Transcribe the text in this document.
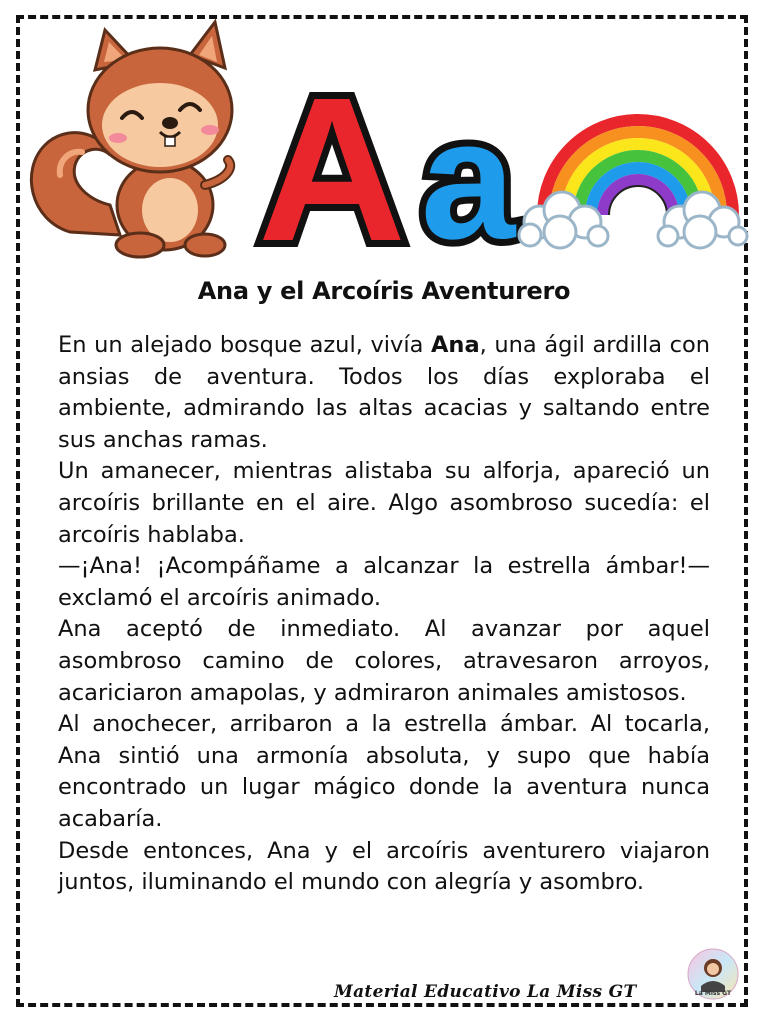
A a
Ana y el Arcoíris Aventurero

En un alejado bosque azul, vivía Ana, una ágil ardilla con ansias de aventura. Todos los días exploraba el ambiente, admirando las altas acacias y saltando entre sus anchas ramas.

Un amanecer, mientras alistaba su alforja, apareció un arcoíris brillante en el aire. Algo asombroso sucedía: el arcoíris hablaba.

—¡Ana! ¡Acompáñame a alcanzar la estrella ámbar!— exclamó el arcoíris animado.

Ana aceptó de inmediato. Al avanzar por aquel asombroso camino de colores, atravesaron arroyos, acariciaron amapolas, y admiraron animales amistosos.

Al anochecer, arribaron a la estrella ámbar. Al tocarla, Ana sintió una armonía absoluta, y supo que había encontrado un lugar mágico donde la aventura nunca acabaría.

Desde entonces, Ana y el arcoíris aventurero viajaron juntos, iluminando el mundo con alegría y asombro.

Material Educativo La Miss GT	La Miss GT
